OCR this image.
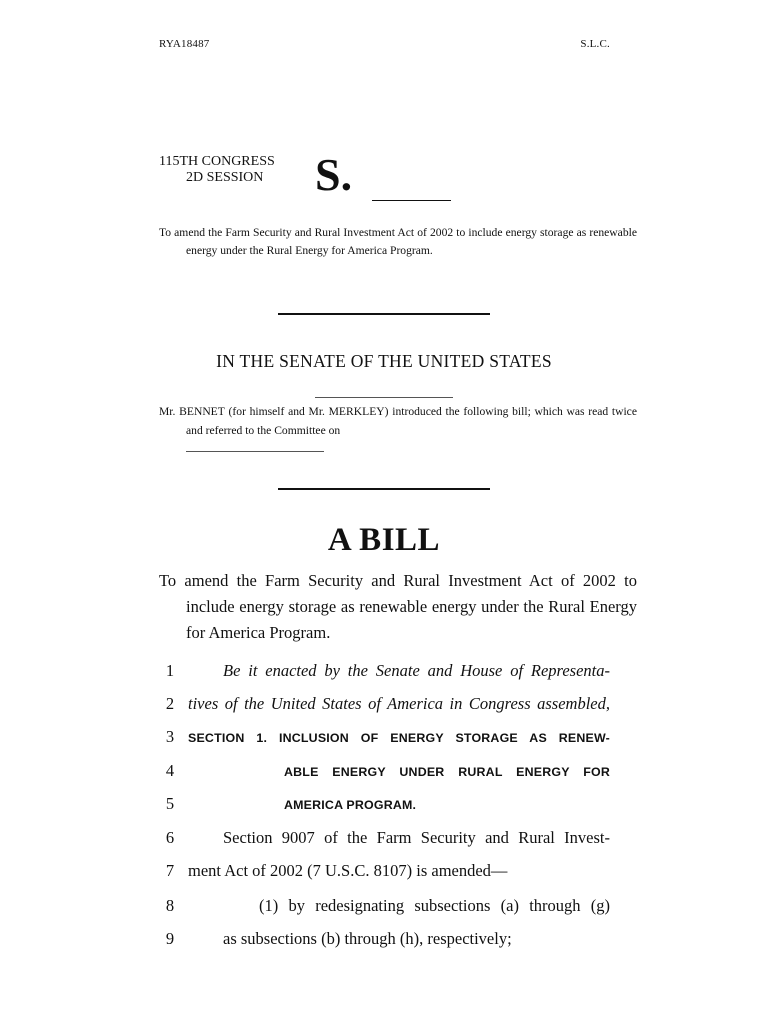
RYA18487	S.L.C.
115TH CONGRESS
2D SESSION S.
To amend the Farm Security and Rural Investment Act of 2002 to include energy storage as renewable energy under the Rural Energy for America Program.
IN THE SENATE OF THE UNITED STATES
Mr. BENNET (for himself and Mr. MERKLEY) introduced the following bill; which was read twice and referred to the Committee on
A BILL
To amend the Farm Security and Rural Investment Act of 2002 to include energy storage as renewable energy under the Rural Energy for America Program.
1	Be it enacted by the Senate and House of Representa-
2 tives of the United States of America in Congress assembled,
3	SECTION 1. INCLUSION OF ENERGY STORAGE AS RENEW-
4	ABLE ENERGY UNDER RURAL ENERGY FOR
5	AMERICA PROGRAM.
6	Section 9007 of the Farm Security and Rural Invest-
7 ment Act of 2002 (7 U.S.C. 8107) is amended—
8	(1) by redesignating subsections (a) through (g)
9	as subsections (b) through (h), respectively;
